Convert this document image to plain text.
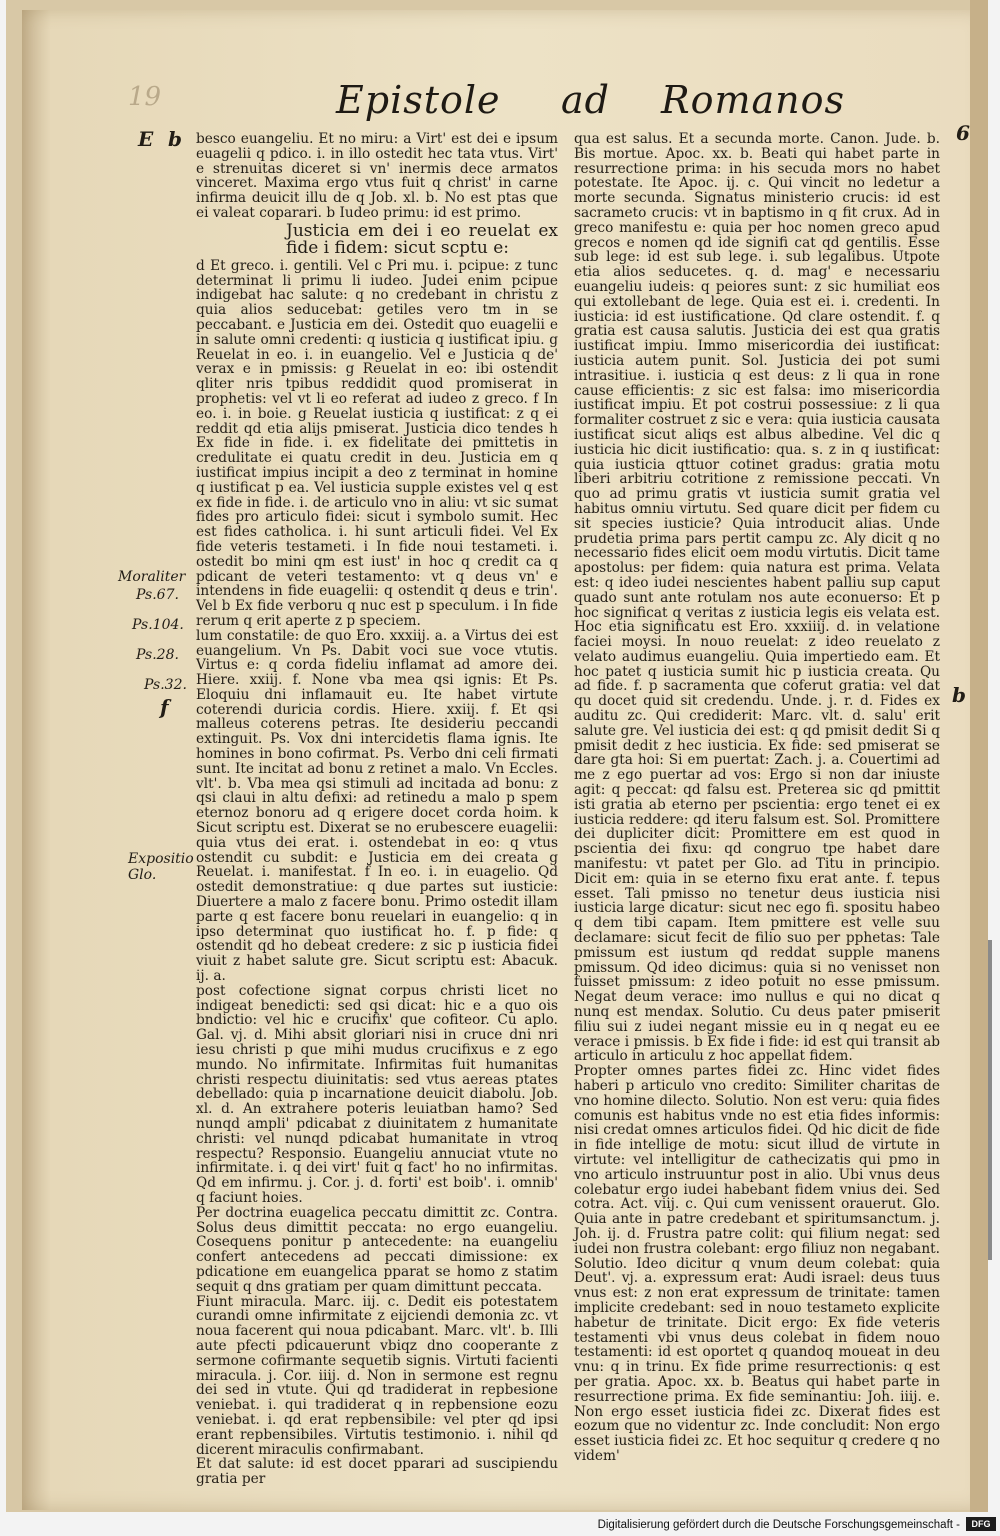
19	Epistole ad Romanos
E b
Moraliter
Ps.67.
Ps.104.
Ps.28.
Ps.32.
f
Expositio
Glo.
6
b

besco euangeliu. Et no miru: a Virt' est dei e ipsum euagelii q pdico. i. in illo ostedit hec tata vtus. Virt' e strenuitas diceret si vn' inermis dece armatos vinceret. Maxima ergo vtus fuit q christ' in carne infirma deuicit illu de q Job. xl. b. No est ptas que ei valeat coparari. b Iudeo primu: id est primo.

Justicia em dei i eo reuelat ex fide i fidem: sicut scptu e:

d Et greco. i. gentili. Vel c Pri mu. i. pcipue: z tunc determinat li primu li iudeo. Judei enim pcipue indigebat hac salute: q no credebant in christu z quia alios seducebat: getiles vero tm in se peccabant. e Justicia em dei. Ostedit quo euagelii e in salute omni credenti: q iusticia q iustificat ipiu. g Reuelat in eo. i. in euangelio. Vel e Justicia q de' verax e in pmissis: g Reuelat in eo: ibi ostendit qliter nris tpibus reddidit quod promiserat in prophetis: vel vt li eo referat ad iudeo z greco. f In eo. i. in boie. g Reuelat iusticia q iustificat: z q ei reddit qd etia alijs pmiserat. Justicia dico tendes h Ex fide in fide. i. ex fidelitate dei pmittetis in credulitate ei quatu credit in deu. Justicia em q iustificat impius incipit a deo z terminat in homine q iustificat p ea. Vel iusticia supple existes vel q est ex fide in fide. i. de articulo vno in aliu: vt sic sumat fides pro articulo fidei: sicut i symbolo sumit. Hec est fides catholica. i. hi sunt articuli fidei. Vel Ex fide veteris testameti. i In fide noui testameti. i. ostedit bo mini qm est iust' in hoc q credit ca q pdicant de veteri testamento: vt q deus vn' e intendens in fide euagelii: q ostendit q deus e trin'. Vel b Ex fide verboru q nuc est p speculum. i In fide rerum q erit aperte z p speciem.

lum constatile: de quo Ero. xxxiij. a. a Virtus dei est euangelium. Vn Ps. Dabit voci sue voce vtutis. Virtus e: q corda fideliu inflamat ad amore dei. Hiere. xxiij. f. None vba mea qsi ignis: Et Ps. Eloquiu dni inflamauit eu. Ite habet virtute coterendi duricia cordis. Hiere. xxiij. f. Et qsi malleus coterens petras. Ite desideriu peccandi extinguit. Ps. Vox dni intercidetis flama ignis. Ite homines in bono cofirmat. Ps. Verbo dni celi firmati sunt. Ite incitat ad bonu z retinet a malo. Vn Eccles. vlt'. b. Vba mea qsi stimuli ad incitada ad bonu: z qsi claui in altu defixi: ad retinedu a malo p spem eternoz bonoru ad q erigere docet corda hoim. k Sicut scriptu est. Dixerat se no erubescere euagelii: quia vtus dei erat. i. ostendebat in eo: q vtus ostendit cu subdit: e Justicia em dei creata g Reuelat. i. manifestat. f In eo. i. in euagelio. Qd ostedit demonstratiue: q due partes sut iusticie: Diuertere a malo z facere bonu. Primo ostedit illam parte q est facere bonu reuelari in euangelio: q in ipso determinat quo iustificat ho. f. p fide: q ostendit qd ho debeat credere: z sic p iusticia fidei viuit z habet salute gre. Sicut scriptu est: Abacuk. ij. a.

post cofectione signat corpus christi licet no indigeat benedicti: sed qsi dicat: hic e a quo ois bndictio: vel hic e crucifix' que cofiteor. Cu aplo. Gal. vj. d. Mihi absit gloriari nisi in cruce dni nri iesu christi p que mihi mudus crucifixus e z ego mundo. No infirmitate. Infirmitas fuit humanitas christi respectu diuinitatis: sed vtus aereas ptates debellado: quia p incarnatione deuicit diabolu. Job. xl. d. An extrahere poteris leuiatban hamo? Sed nunqd ampli' pdicabat z diuinitatem z humanitate christi: vel nunqd pdicabat humanitate in vtroq respectu? Responsio. Euangeliu annuciat vtute no infirmitate. i. q dei virt' fuit q fact' ho no infirmitas. Qd em infirmu. j. Cor. j. d. forti' est boib'. i. omnib' q faciunt hoies.

Per doctrina euagelica peccatu dimittit zc. Contra. Solus deus dimittit peccata: no ergo euangeliu. Cosequens ponitur p antecedente: na euangeliu confert antecedens ad peccati dimissione: ex pdicatione em euangelica pparat se homo z statim sequit q dns gratiam per quam dimittunt peccata.

Fiunt miracula. Marc. iij. c. Dedit eis potestatem curandi omne infirmitate z eijciendi demonia zc. vt noua facerent qui noua pdicabant. Marc. vlt'. b. Illi aute pfecti pdicauerunt vbiqz dno cooperante z sermone cofirmante sequetib signis. Virtuti facienti miracula. j. Cor. iiij. d. Non in sermone est regnu dei sed in vtute. Qui qd tradiderat in repbesione veniebat. i. qui tradiderat q in repbensione eozu veniebat. i. qd erat repbensibile: vel pter qd ipsi erant repbensibiles. Virtutis testimonio. i. nihil qd dicerent miraculis confirmabant.

Et dat salute: id est docet pparari ad suscipiendu gratia per

qua est salus. Et a secunda morte. Canon. Jude. b. Bis mortue. Apoc. xx. b. Beati qui habet parte in resurrectione prima: in his secuda mors no habet potestate. Ite Apoc. ij. c. Qui vincit no ledetur a morte secunda. Signatus ministerio crucis: id est sacrameto crucis: vt in baptismo in q fit crux. Ad in greco manifestu e: quia per hoc nomen greco apud grecos e nomen qd ide signifi cat qd gentilis. Esse sub lege: id est sub lege. i. sub legalibus. Utpote etia alios seducetes. q. d. mag' e necessariu euangeliu iudeis: q peiores sunt: z sic humiliat eos qui extollebant de lege. Quia est ei. i. credenti. In iusticia: id est iustificatione. Qd clare ostendit. f. q gratia est causa salutis. Justicia dei est qua gratis iustificat impiu. Immo misericordia dei iustificat: iusticia autem punit. Sol. Justicia dei pot sumi intrasitiue. i. iusticia q est deus: z li qua in rone cause efficientis: z sic est falsa: imo misericordia iustificat impiu. Et pot costrui possessiue: z li qua formaliter costruet z sic e vera: quia iusticia causata iustificat sicut aliqs est albus albedine. Vel dic q iusticia hic dicit iustificatio: qua. s. z in q iustificat: quia iusticia qttuor cotinet gradus: gratia motu liberi arbitriu cotritione z remissione peccati. Vn quo ad primu gratis vt iusticia sumit gratia vel habitus omniu virtutu. Sed quare dicit per fidem cu sit species iusticie? Quia introducit alias. Unde prudetia prima pars pertit campu zc. Aly dicit q no necessario fides elicit oem modu virtutis. Dicit tame apostolus: per fidem: quia natura est prima. Velata est: q ideo iudei nescientes habent palliu sup caput quado sunt ante rotulam nos aute econuerso: Et p hoc significat q veritas z iusticia legis eis velata est. Hoc etia significatu est Ero. xxxiiij. d. in velatione faciei moysi. In nouo reuelat: z ideo reuelato z velato audimus euangeliu. Quia impertiedo eam. Et hoc patet q iusticia sumit hic p iusticia creata. Qu ad fide. f. p sacramenta que coferut gratia: vel dat qu docet quid sit credendu. Unde. j. r. d. Fides ex auditu zc. Qui crediderit: Marc. vlt. d. salu' erit salute gre. Vel iusticia dei est: q qd pmisit dedit Si q pmisit dedit z hec iusticia. Ex fide: sed pmiserat se dare gta hoi: Si em puertat: Zach. j. a. Couertimi ad me z ego puertar ad vos: Ergo si non dar iniuste agit: q peccat: qd falsu est. Preterea sic qd pmittit isti gratia ab eterno per pscientia: ergo tenet ei ex iusticia reddere: qd iteru falsum est. Sol. Promittere dei dupliciter dicit: Promittere em est quod in pscientia dei fixu: qd congruo tpe habet dare manifestu: vt patet per Glo. ad Titu in principio. Dicit em: quia in se eterno fixu erat ante. f. tepus esset. Tali pmisso no tenetur deus iusticia nisi iusticia large dicatur: sicut nec ego fi. spositu habeo q dem tibi capam. Item pmittere est velle suu declamare: sicut fecit de filio suo per pphetas: Tale pmissum est iustum qd reddat supple manens pmissum. Qd ideo dicimus: quia si no venisset non fuisset pmissum: z ideo potuit no esse pmissum. Negat deum verace: imo nullus e qui no dicat q nunq est mendax. Solutio. Cu deus pater pmiserit filiu sui z iudei negant missie eu in q negat eu ee verace i pmissis. b Ex fide i fide: id est qui transit ab articulo in articulu z hoc appellat fidem.

Propter omnes partes fidei zc. Hinc videt fides haberi p articulo vno credito: Similiter charitas de vno homine dilecto. Solutio. Non est veru: quia fides comunis est habitus vnde no est etia fides informis: nisi credat omnes articulos fidei. Qd hic dicit de fide in fide intellige de motu: sicut illud de virtute in virtute: vel intelligitur de cathecizatis qui pmo in vno articulo instruuntur post in alio. Ubi vnus deus colebatur ergo iudei habebant fidem vnius dei. Sed cotra. Act. viij. c. Qui cum venissent orauerut. Glo. Quia ante in patre credebant et spiritumsanctum. j. Joh. ij. d. Frustra patre colit: qui filium negat: sed iudei non frustra colebant: ergo filiuz non negabant. Solutio. Ideo dicitur q vnum deum colebat: quia Deut'. vj. a. expressum erat: Audi israel: deus tuus vnus est: z non erat expressum de trinitate: tamen implicite credebant: sed in nouo testameto explicite habetur de trinitate. Dicit ergo: Ex fide veteris testamenti vbi vnus deus colebat in fidem nouo testamenti: id est oportet q quandoq moueat in deu vnu: q in trinu. Ex fide prime resurrectionis: q est per gratia. Apoc. xx. b. Beatus qui habet parte in resurrectione prima. Ex fide seminantiu: Joh. iiij. e. Non ergo esset iusticia fidei zc. Dixerat fides est eozum que no videntur zc. Inde concludit: Non ergo esset iusticia fidei zc. Et hoc sequitur q credere q no videm'

Digitalisierung gefördert durch die Deutsche Forschungsgemeinschaft -	DFG
